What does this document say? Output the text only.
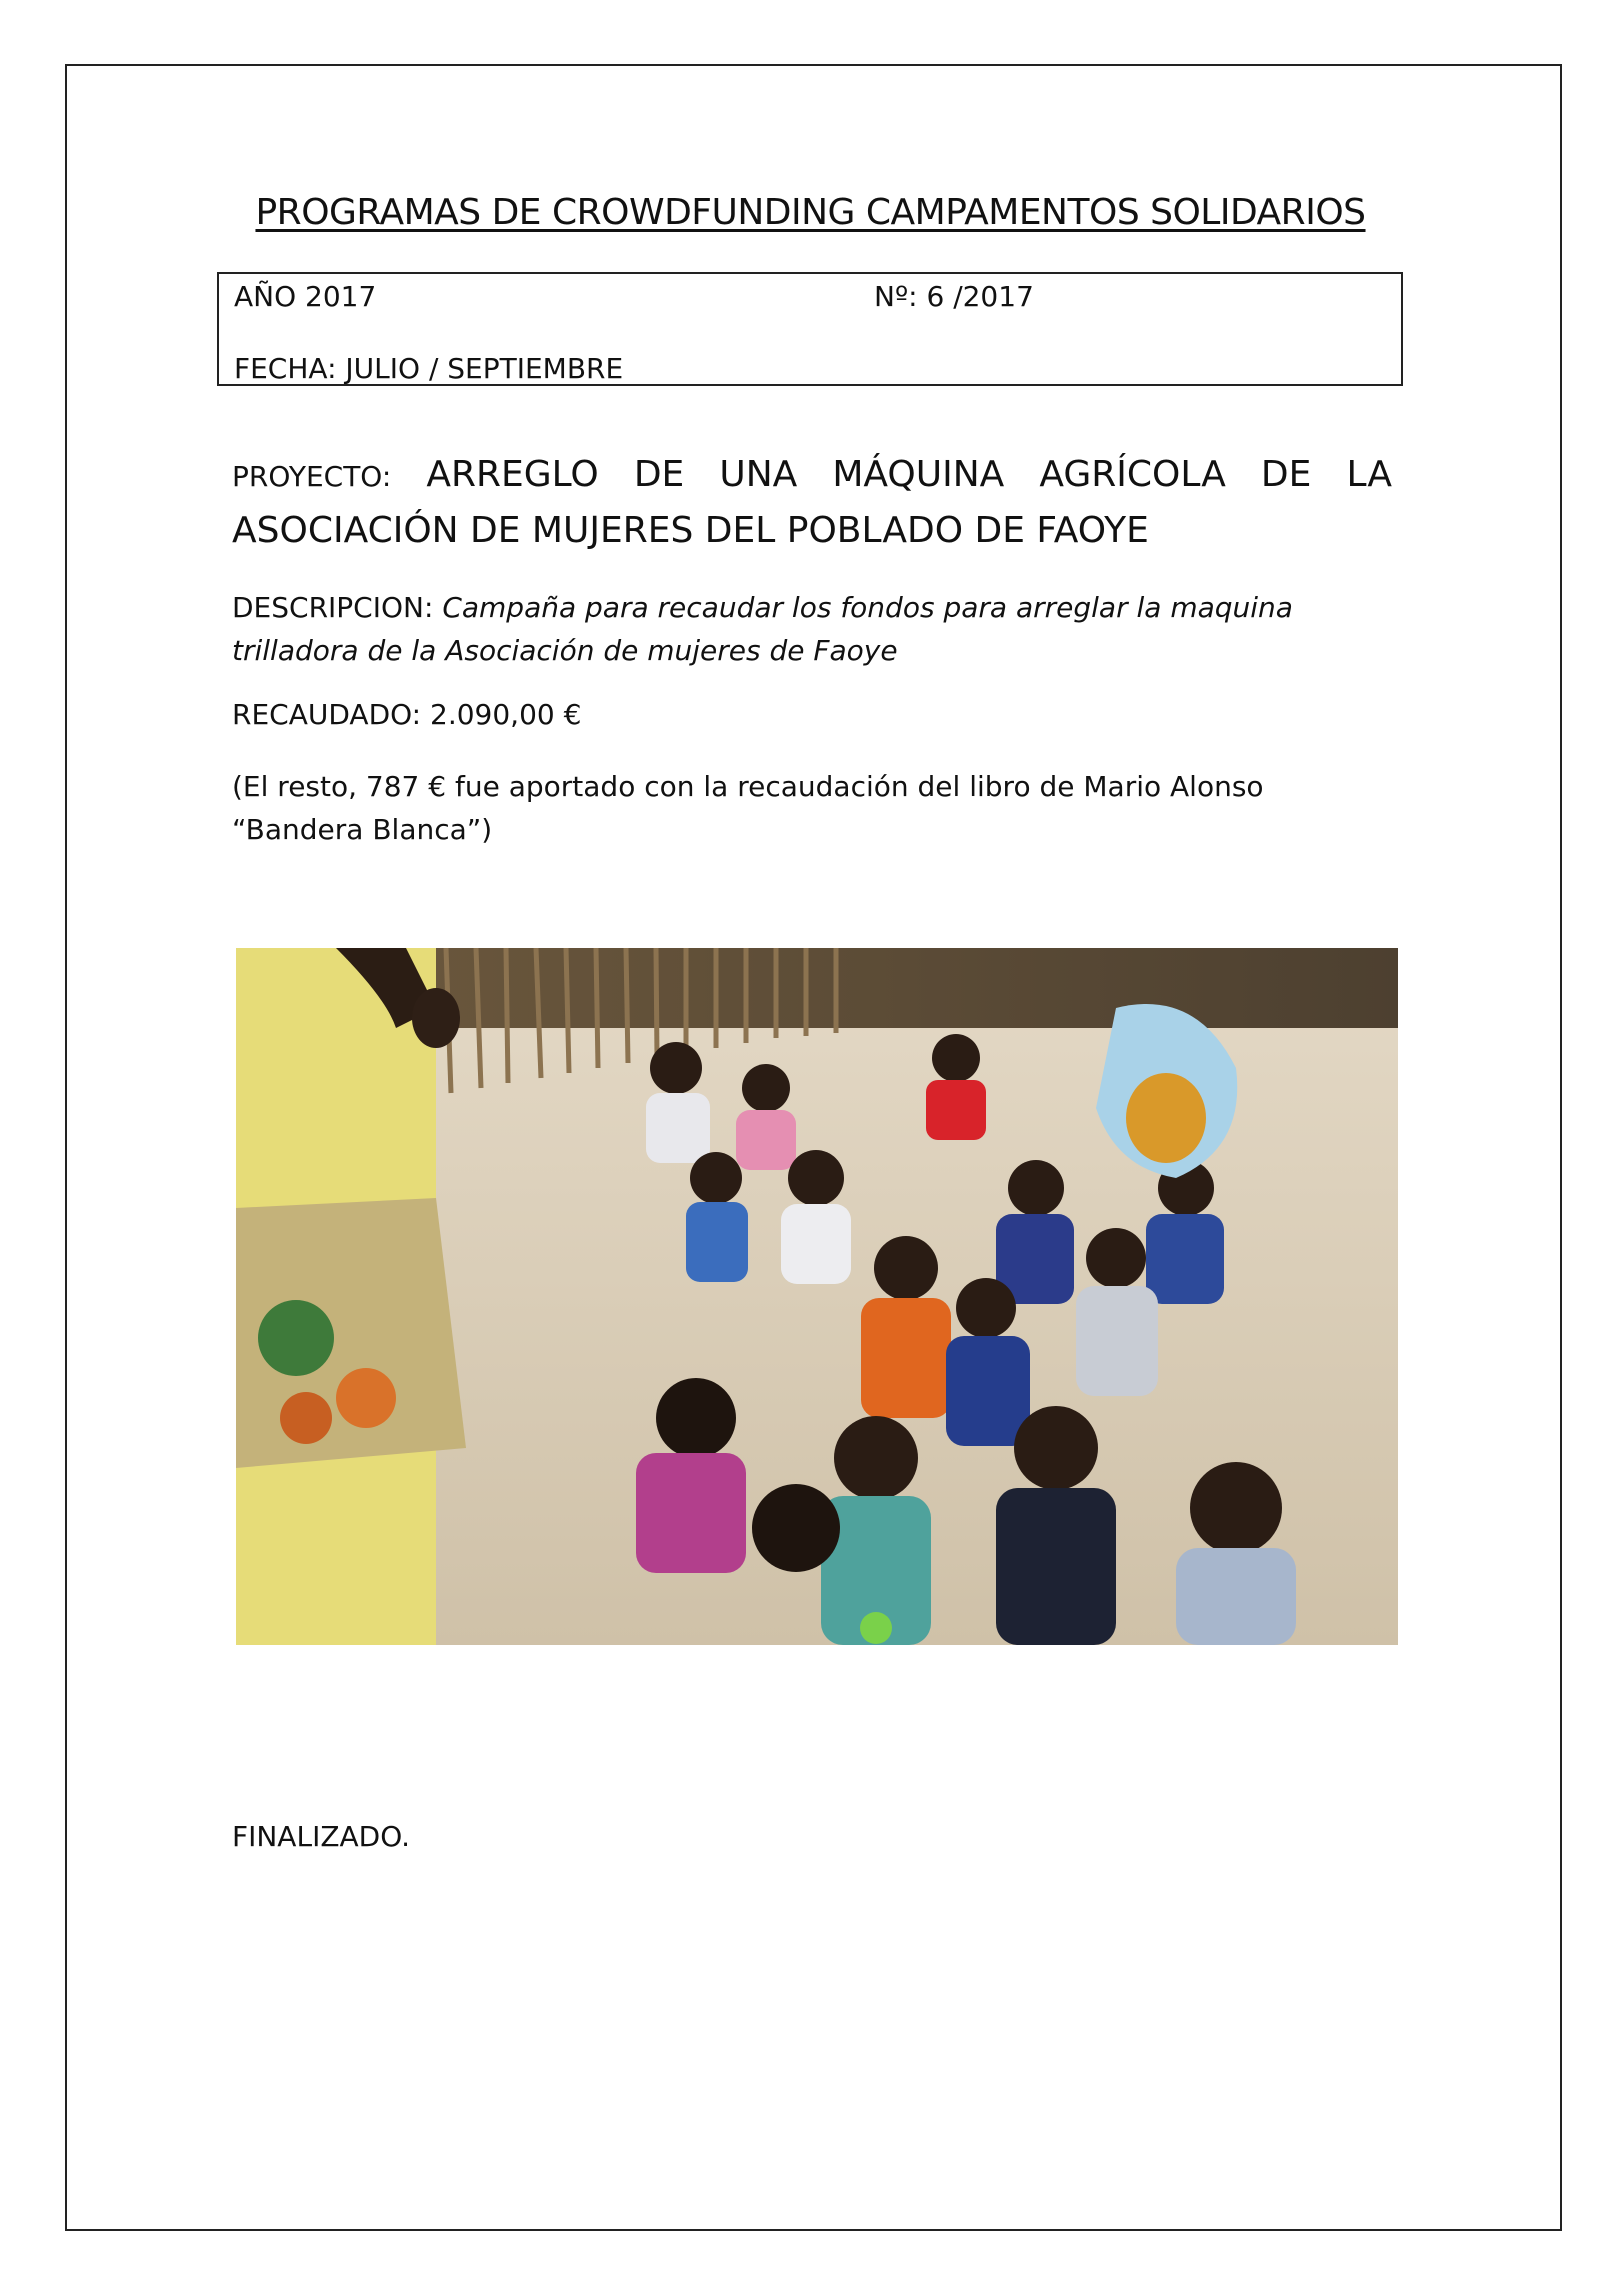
PROGRAMAS DE CROWDFUNDING CAMPAMENTOS SOLIDARIOS
AÑO 2017	Nº: 6 /2017
FECHA: JULIO / SEPTIEMBRE
PROYECTO: ARREGLO DE UNA MÁQUINA AGRÍCOLA DE LA ASOCIACIÓN DE MUJERES DEL POBLADO DE FAOYE
DESCRIPCION: Campaña para recaudar los fondos para arreglar la maquina trilladora de la Asociación de mujeres de Faoye
RECAUDADO: 2.090,00 €
(El resto, 787 € fue aportado con la recaudación del libro de Mario Alonso “Bandera Blanca”)
FINALIZADO.
